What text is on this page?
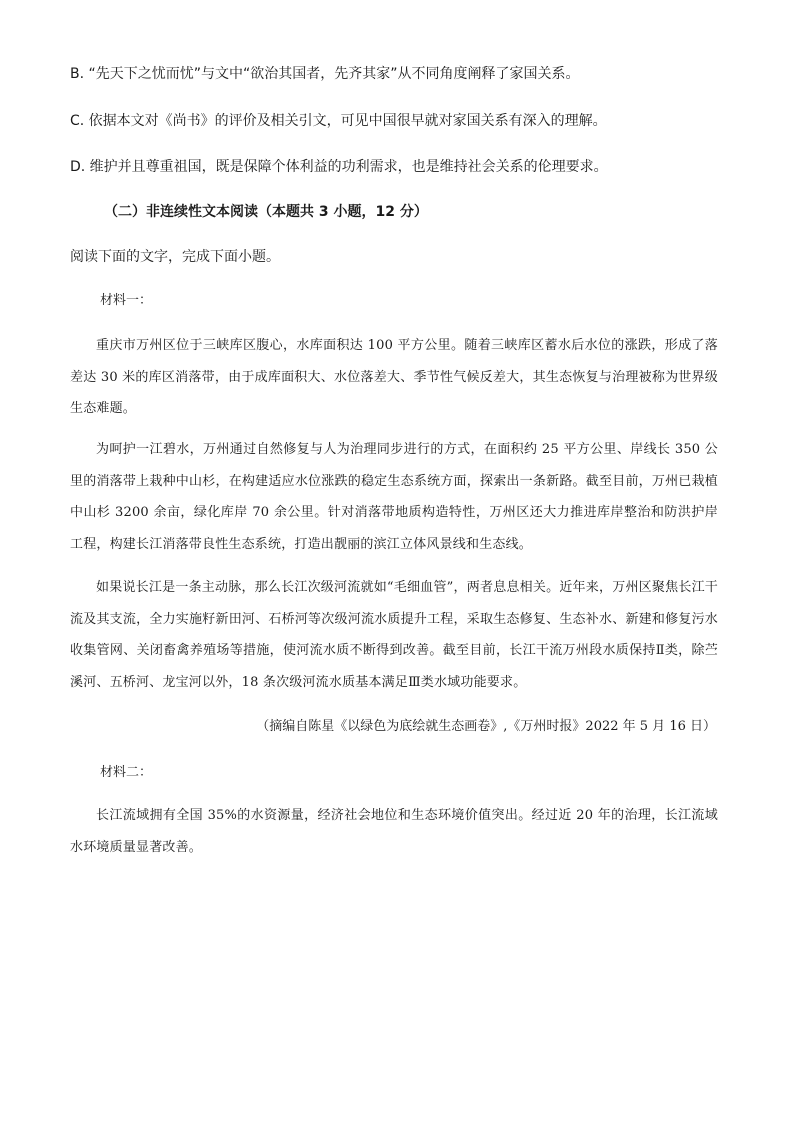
B. “先天下之忧而忧”与文中“欲治其国者，先齐其家”从不同角度阐释了家国关系。
C. 依据本文对《尚书》的评价及相关引文，可见中国很早就对家国关系有深入的理解。
D. 维护并且尊重祖国，既是保障个体利益的功利需求，也是维持社会关系的伦理要求。
（二）非连续性文本阅读（本题共 3 小题，12 分）
阅读下面的文字，完成下面小题。
材料一：
重庆市万州区位于三峡库区腹心，水库面积达 100 平方公里。随着三峡库区蓄水后水位的涨跌，形成了落差达 30 米的库区消落带，由于成库面积大、水位落差大、季节性气候反差大，其生态恢复与治理被称为世界级生态难题。
为呵护一江碧水，万州通过自然修复与人为治理同步进行的方式，在面积约 25 平方公里、岸线长 350 公里的消落带上栽种中山杉，在构建适应水位涨跌的稳定生态系统方面，探索出一条新路。截至目前，万州已栽植中山杉 3200 余亩，绿化库岸 70 余公里。针对消落带地质构造特性，万州区还大力推进库岸整治和防洪护岸工程，构建长江消落带良性生态系统，打造出靓丽的滨江立体风景线和生态线。
如果说长江是一条主动脉，那么长江次级河流就如“毛细血管”，两者息息相关。近年来，万州区聚焦长江干流及其支流，全力实施籽新田河、石桥河等次级河流水质提升工程，采取生态修复、生态补水、新建和修复污水收集管网、关闭畜禽养殖场等措施，使河流水质不断得到改善。截至目前，长江干流万州段水质保持Ⅱ类，除苎溪河、五桥河、龙宝河以外，18 条次级河流水质基本满足Ⅲ类水域功能要求。
（摘编自陈星《以绿色为底绘就生态画卷》,《万州时报》2022 年 5 月 16 日）
材料二：
长江流域拥有全国 35%的水资源量，经济社会地位和生态环境价值突出。经过近 20 年的治理，长江流域水环境质量显著改善。
